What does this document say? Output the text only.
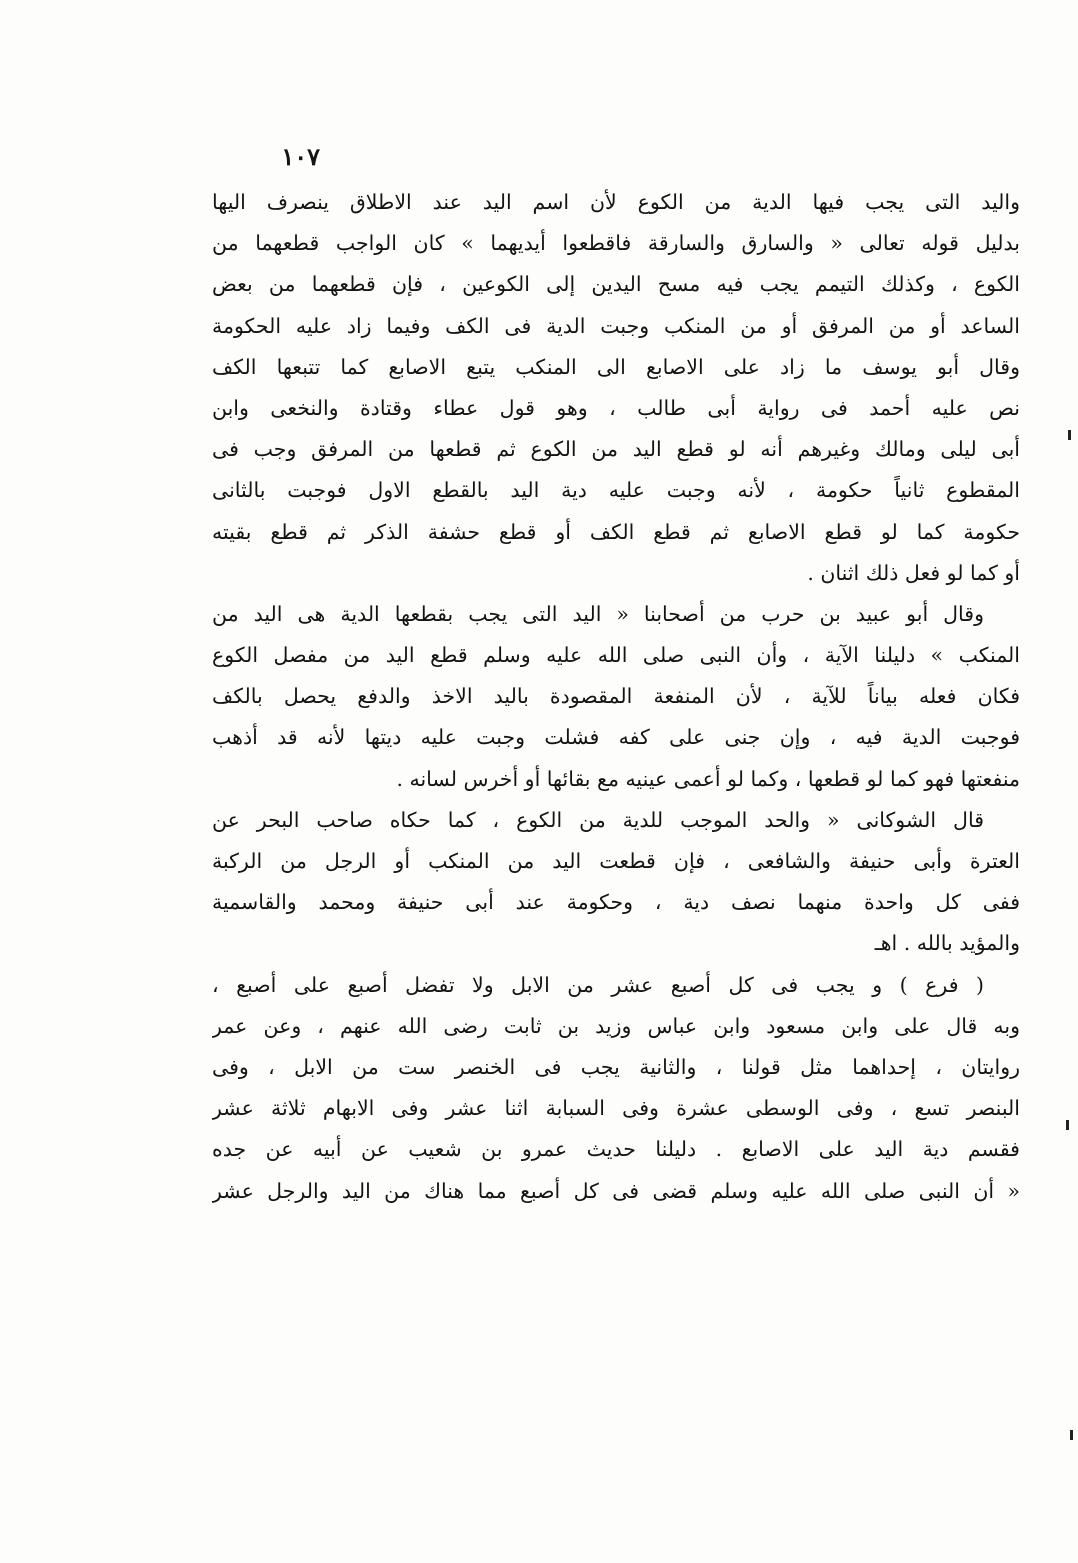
١٠٧
واليد التى يجب فيها الدية من الكوع لأن اسم اليد عند الاطلاق ينصرف اليها
بدليل قوله تعالى « والسارق والسارقة فاقطعوا أيديهما » كان الواجب قطعهما من
الكوع ، وكذلك التيمم يجب فيه مسح اليدين إلى الكوعين ، فإن قطعهما من بعض
الساعد أو من المرفق أو من المنكب وجبت الدية فى الكف وفيما زاد عليه الحكومة
وقال أبو يوسف ما زاد على الاصابع الى المنكب يتبع الاصابع كما تتبعها الكف
نص عليه أحمد فى رواية أبى طالب ، وهو قول عطاء وقتادة والنخعى وابن
أبى ليلى ومالك وغيرهم أنه لو قطع اليد من الكوع ثم قطعها من المرفق وجب فى
المقطوع ثانياً حكومة ، لأنه وجبت عليه دية اليد بالقطع الاول فوجبت بالثانى
حكومة كما لو قطع الاصابع ثم قطع الكف أو قطع حشفة الذكر ثم قطع بقيته
أو كما لو فعل ذلك اثنان .
وقال أبو عبيد بن حرب من أصحابنا « اليد التى يجب بقطعها الدية هى اليد من
المنكب » دليلنا الآية ، وأن النبى صلى الله عليه وسلم قطع اليد من مفصل الكوع
فكان فعله بياناً للآية ، لأن المنفعة المقصودة باليد الاخذ والدفع يحصل بالكف
فوجبت الدية فيه ، وإن جنى على كفه فشلت وجبت عليه ديتها لأنه قد أذهب
منفعتها فهو كما لو قطعها ، وكما لو أعمى عينيه مع بقائها أو أخرس لسانه .
قال الشوكانى « والحد الموجب للدية من الكوع ، كما حكاه صاحب البحر عن
العترة وأبى حنيفة والشافعى ، فإن قطعت اليد من المنكب أو الرجل من الركبة
ففى كل واحدة منهما نصف دية ، وحكومة عند أبى حنيفة ومحمد والقاسمية
والمؤيد بالله . اهـ
( فرع ) و يجب فى كل أصبع عشر من الابل ولا تفضل أصبع على أصبع ،
وبه قال على وابن مسعود وابن عباس وزيد بن ثابت رضى الله عنهم ، وعن عمر
روايتان ، إحداهما مثل قولنا ، والثانية يجب فى الخنصر ست من الابل ، وفى
البنصر تسع ، وفى الوسطى عشرة وفى السبابة اثنا عشر وفى الابهام ثلاثة عشر
فقسم دية اليد على الاصابع . دليلنا حديث عمرو بن شعيب عن أبيه عن جده
« أن النبى صلى الله عليه وسلم قضى فى كل أصبع مما هناك من اليد والرجل عشر
